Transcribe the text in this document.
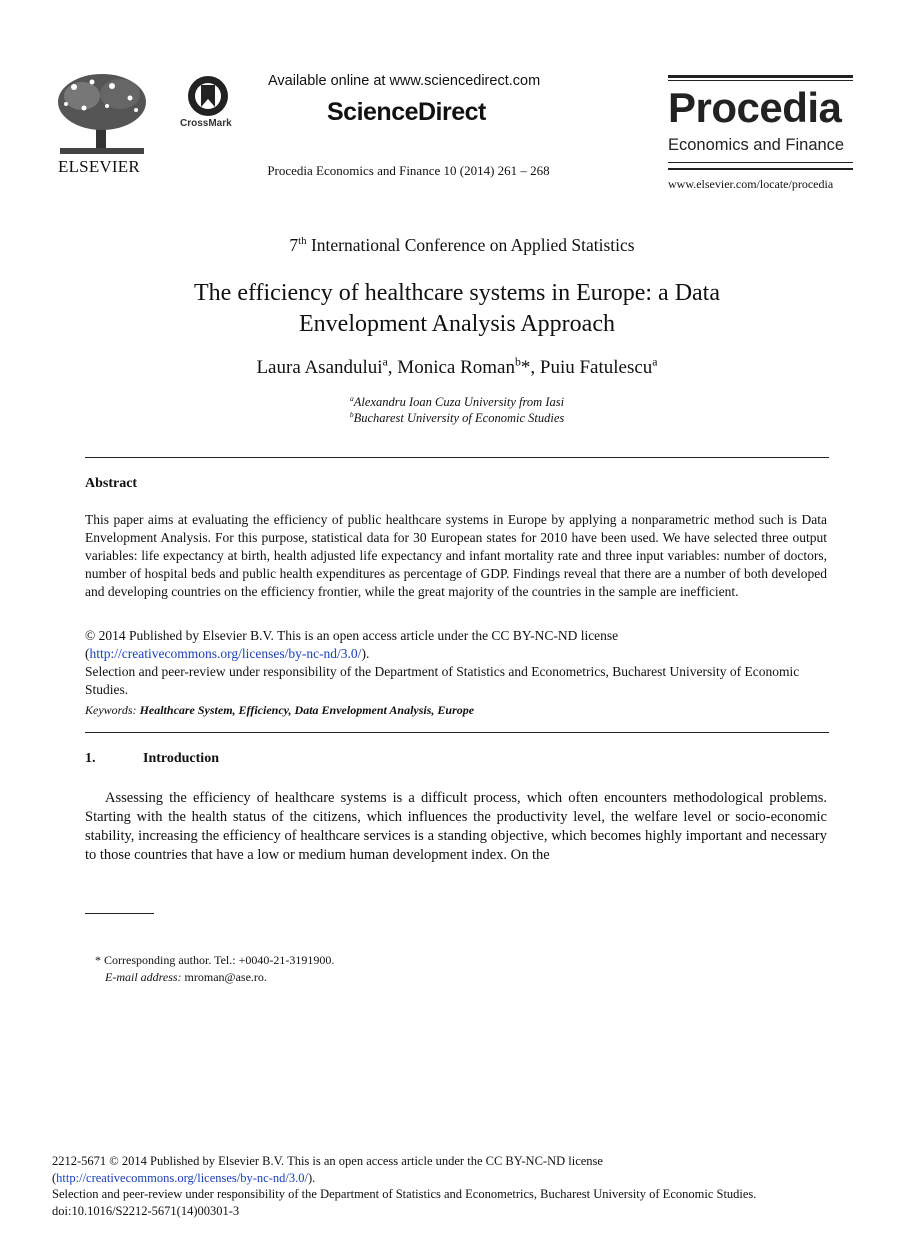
ELSEVIER
CrossMark
Available online at www.sciencedirect.com
ScienceDirect
Procedia Economics and Finance 10 (2014) 261 – 268
Procedia
Economics and Finance
www.elsevier.com/locate/procedia
7th International Conference on Applied Statistics
The efficiency of healthcare systems in Europe: a Data
Envelopment Analysis Approach
Laura Asandului$^a$, Monica Roman$^b$*, Puiu Fatulescu$^a$
$^a$Alexandru Ioan Cuza University from Iasi
$^b$Bucharest University of Economic Studies
Abstract
This paper aims at evaluating the efficiency of public healthcare systems in Europe by applying a nonparametric method such is Data Envelopment Analysis. For this purpose, statistical data for 30 European states for 2010 have been used. We have selected three output variables: life expectancy at birth, health adjusted life expectancy and infant mortality rate and three input variables: number of doctors, number of hospital beds and public health expenditures as percentage of GDP. Findings reveal that there are a number of both developed and developing countries on the efficiency frontier, while the great majority of the countries in the sample are inefficient.
© 2014 Published by Elsevier B.V. This is an open access article under the CC BY-NC-ND license
(http://creativecommons.org/licenses/by-nc-nd/3.0/).
Selection and peer-review under responsibility of the Department of Statistics and Econometrics, Bucharest University of Economic Studies.
Keywords: Healthcare System, Efficiency, Data Envelopment Analysis, Europe
1.	Introduction
Assessing the efficiency of healthcare systems is a difficult process, which often encounters methodological problems. Starting with the health status of the citizens, which influences the productivity level, the welfare level or socio-economic stability, increasing the efficiency of healthcare services is a standing objective, which becomes highly important and necessary to those countries that have a low or medium human development index. On the
* Corresponding author. Tel.: +0040-21-3191900.
E-mail address: mroman@ase.ro.
2212-5671 © 2014 Published by Elsevier B.V. This is an open access article under the CC BY-NC-ND license
(http://creativecommons.org/licenses/by-nc-nd/3.0/).
Selection and peer-review under responsibility of the Department of Statistics and Econometrics, Bucharest University of Economic Studies.
doi:10.1016/S2212-5671(14)00301-3
